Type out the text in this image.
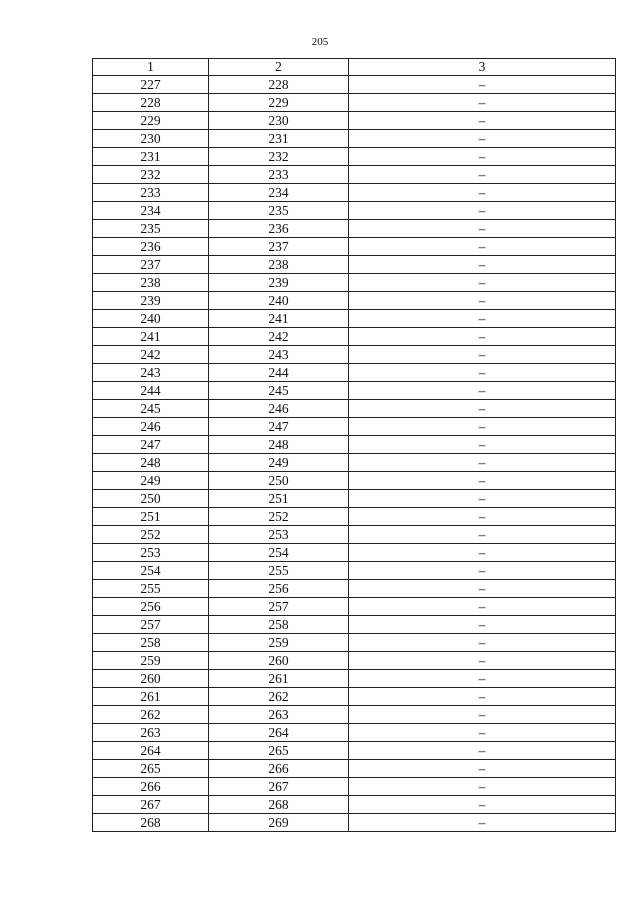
205
1	2	3
227	228	–
228	229	–
229	230	–
230	231	–
231	232	–
232	233	–
233	234	–
234	235	–
235	236	–
236	237	–
237	238	–
238	239	–
239	240	–
240	241	–
241	242	–
242	243	–
243	244	–
244	245	–
245	246	–
246	247	–
247	248	–
248	249	–
249	250	–
250	251	–
251	252	–
252	253	–
253	254	–
254	255	–
255	256	–
256	257	–
257	258	–
258	259	–
259	260	–
260	261	–
261	262	–
262	263	–
263	264	–
264	265	–
265	266	–
266	267	–
267	268	–
268	269	–
